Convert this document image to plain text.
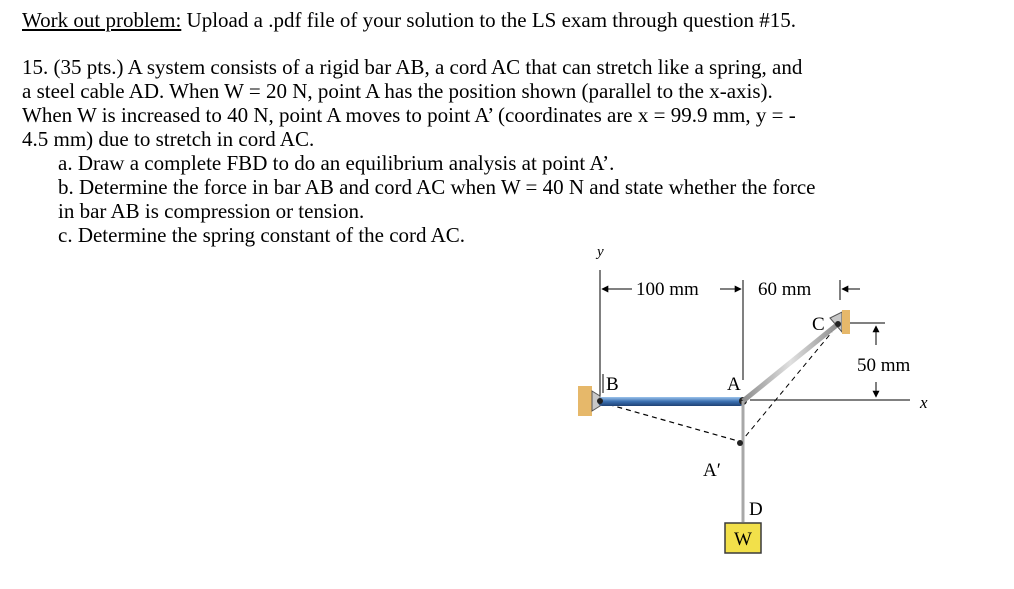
Work out problem: Upload a .pdf file of your solution to the LS exam through question #15.
15. (35 pts.) A system consists of a rigid bar AB, a cord AC that can stretch like a spring, and
a steel cable AD. When W = 20 N, point A has the position shown (parallel to the x-axis).
When W is increased to 40 N, point A moves to point A’ (coordinates are x = 99.9 mm, y = -
4.5 mm) due to stretch in cord AC.
a. Draw a complete FBD to do an equilibrium analysis at point A’.
b. Determine the force in bar AB and cord AC when W = 40 N and state whether the force
in bar AB is compression or tension.
c. Determine the spring constant of the cord AC.
y
100 mm	60 mm
50 mm
x
B	A
A′
C
D
W
